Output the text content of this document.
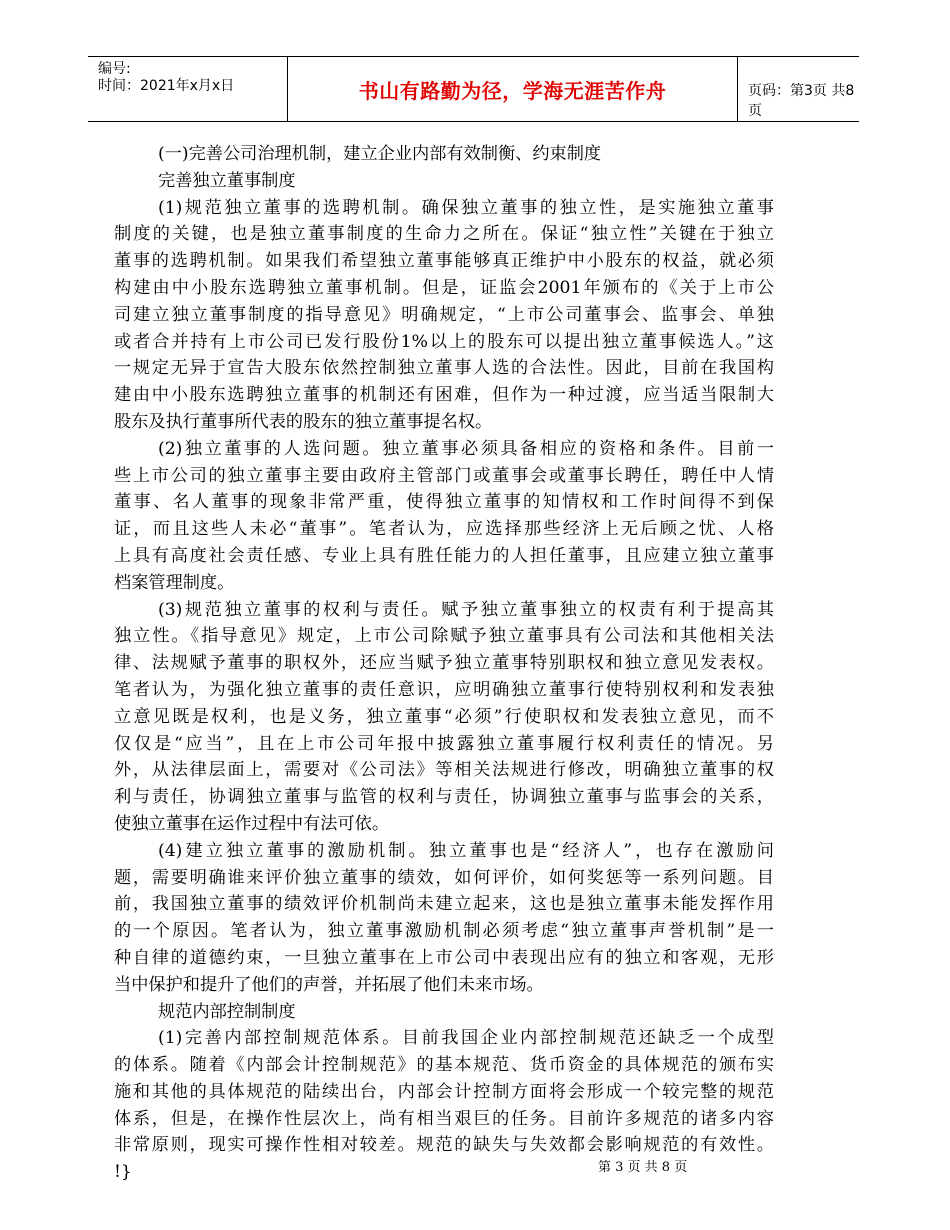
编号:
时间：2021年x月x日	书山有路勤为径，学海无涯苦作舟	页码：第3页 共8页
(一)完善公司治理机制，建立企业内部有效制衡、约束制度
完善独立董事制度
(1)规范独立董事的选聘机制。确保独立董事的独立性，是实施独立董事
制度的关键，也是独立董事制度的生命力之所在。保证“独立性”关键在于独立
董事的选聘机制。如果我们希望独立董事能够真正维护中小股东的权益，就必须
构建由中小股东选聘独立董事机制。但是，证监会2001年颁布的《关于上市公
司建立独立董事制度的指导意见》明确规定，“上市公司董事会、监事会、单独
或者合并持有上市公司已发行股份1%以上的股东可以提出独立董事候选人。”这
一规定无异于宣告大股东依然控制独立董事人选的合法性。因此，目前在我国构
建由中小股东选聘独立董事的机制还有困难，但作为一种过渡，应当适当限制大
股东及执行董事所代表的股东的独立董事提名权。
(2)独立董事的人选问题。独立董事必须具备相应的资格和条件。目前一
些上市公司的独立董事主要由政府主管部门或董事会或董事长聘任，聘任中人情
董事、名人董事的现象非常严重，使得独立董事的知情权和工作时间得不到保
证，而且这些人未必“董事”。笔者认为，应选择那些经济上无后顾之忧、人格
上具有高度社会责任感、专业上具有胜任能力的人担任董事，且应建立独立董事
档案管理制度。
(3)规范独立董事的权利与责任。赋予独立董事独立的权责有利于提高其
独立性。《指导意见》规定，上市公司除赋予独立董事具有公司法和其他相关法
律、法规赋予董事的职权外，还应当赋予独立董事特别职权和独立意见发表权。
笔者认为，为强化独立董事的责任意识，应明确独立董事行使特别权利和发表独
立意见既是权利，也是义务，独立董事“必须”行使职权和发表独立意见，而不
仅仅是“应当”，且在上市公司年报中披露独立董事履行权利责任的情况。另
外，从法律层面上，需要对《公司法》等相关法规进行修改，明确独立董事的权
利与责任，协调独立董事与监管的权利与责任，协调独立董事与监事会的关系，
使独立董事在运作过程中有法可依。
(4)建立独立董事的激励机制。独立董事也是“经济人”，也存在激励问
题，需要明确谁来评价独立董事的绩效，如何评价，如何奖惩等一系列问题。目
前，我国独立董事的绩效评价机制尚未建立起来，这也是独立董事未能发挥作用
的一个原因。笔者认为，独立董事激励机制必须考虑“独立董事声誉机制”是一
种自律的道德约束，一旦独立董事在上市公司中表现出应有的独立和客观，无形
当中保护和提升了他们的声誉，并拓展了他们未来市场。
规范内部控制制度
(1)完善内部控制规范体系。目前我国企业内部控制规范还缺乏一个成型
的体系。随着《内部会计控制规范》的基本规范、货币资金的具体规范的颁布实
施和其他的具体规范的陆续出台，内部会计控制方面将会形成一个较完整的规范
体系，但是，在操作性层次上，尚有相当艰巨的任务。目前许多规范的诸多内容
非常原则，现实可操作性相对较差。规范的缺失与失效都会影响规范的有效性。
!}	第 3 页 共 8 页
